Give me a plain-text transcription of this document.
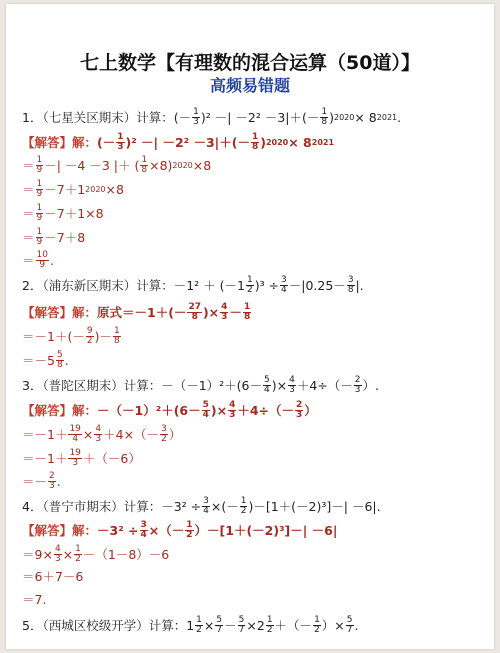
七上数学【有理数的混合运算（50道）】
高频易错题
1．（七星关区期末）计算： (－ $\frac{1}{3} )^2$ －| $-2^2 -3|+(- \frac{1}{8}$ ) 2020 × 8 2021 .
【解答】解： (－ $\frac{1}{3} )^2$ －| $-2^2 -3|+(- \frac{1}{8}$ ) 2020 × 8 2021
＝ $\frac{1}{9}$ －| －4 －3 |＋ ( $\frac{1}{8} \times 8$) 2020 ×8
＝ $\frac{1}{9} -7+1$ 2020 ×8
＝ $\frac{1}{9} -7+1\times 8$
＝ $\frac{1}{9} -7+8$
＝ $\frac{10}{9}$ .
2．（浦东新区期末）计算：$-1^2 + (-1 \frac{1}{2} )^3 \div \frac{3}{4} -|0.25- \frac{3}{8}$ |.
【解答】解： 原式$=-1+(- \frac{27}{8}$ )× $\frac{4}{3} - \frac{1}{8}$
$=-1+(- \frac{9}{2}$ )－ $\frac{1}{8}$
$=-5 \frac{5}{8}$ .
3．（普陀区期末）计算：$-(-1)^2+(6- \frac{5}{4}$ )× $\frac{4}{3} +4\div(- \frac{2}{3}$ ）.
【解答】解： $-(-1)^2+(6- \frac{5}{4}$ )× $\frac{4}{3} +4\div(- \frac{2}{3}$ ）
$=-1+ \frac{19}{4} \times \frac{4}{3} +4\times(- \frac{3}{2}$ ）
$=-1+ \frac{19}{3} +(-6)$
＝－ $\frac{2}{3}$ .
4．（普宁市期末）计算：$-3^2 \div \frac{3}{4}$ ×(－ $\frac{1}{2} )-[1+(-2)^3]-| -6|$.
【解答】解： $-3^2 \div \frac{3}{4}$ ×（－ $\frac{1}{2} )-[1+(-2)^3]-| -6|$
$=9\times \frac{4}{3} \times \frac{1}{2} -(1-8)-6$
＝6＋7－6
＝7.
5．（西城区校级开学）计算：$1 \frac{1}{2} \times \frac{5}{7} - \frac{5}{7} \times 2 \frac{1}{2}$ ＋（－ $\frac{1}{2}$ ）× $\frac{5}{7}$ .
